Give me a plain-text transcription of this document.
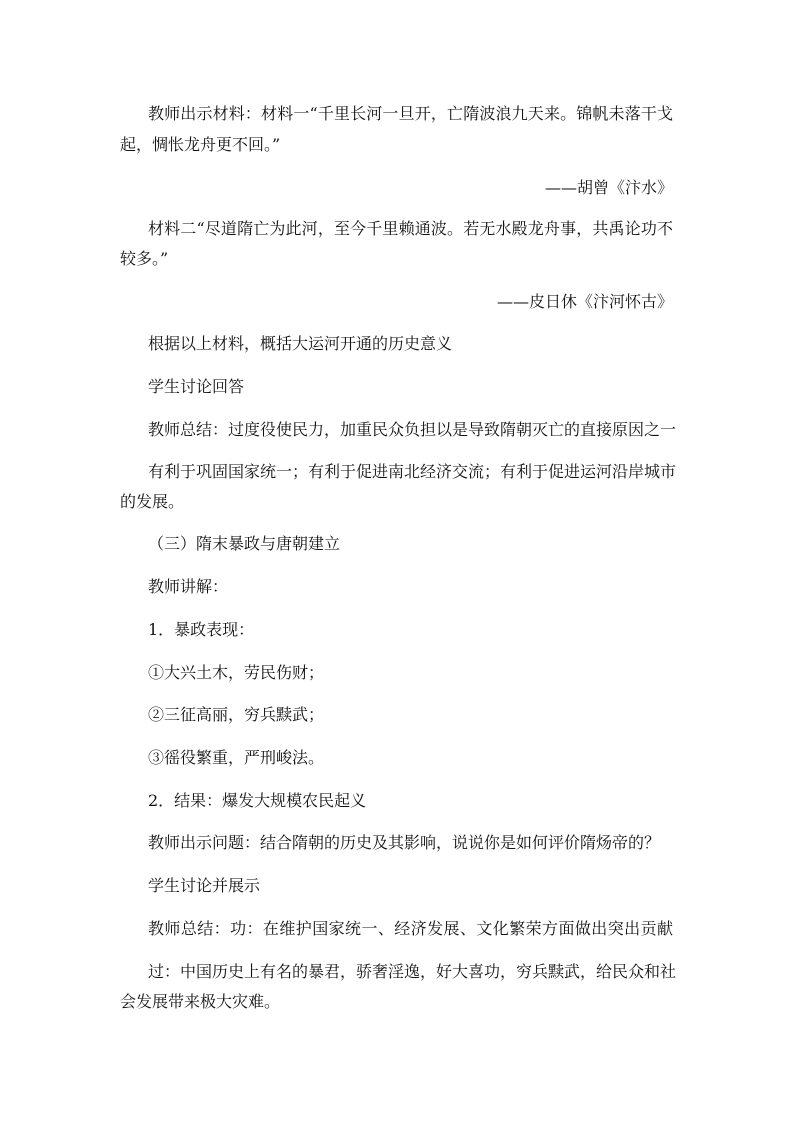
教师出示材料：材料一“千里长河一旦开，亡隋波浪九天来。锦帆未落干戈
起，惆怅龙舟更不回。”
——胡曾《汴水》
材料二“尽道隋亡为此河，至今千里赖通波。若无水殿龙舟事，共禹论功不
较多。”
——皮日休《汴河怀古》
根据以上材料，概括大运河开通的历史意义
学生讨论回答
教师总结：过度役使民力，加重民众负担以是导致隋朝灭亡的直接原因之一
有利于巩固国家统一；有利于促进南北经济交流；有利于促进运河沿岸城市
的发展。
（三）隋末暴政与唐朝建立
教师讲解：
1．暴政表现：
①大兴土木，劳民伤财；
②三征高丽，穷兵黩武；
③徭役繁重，严刑峻法。
2．结果：爆发大规模农民起义
教师出示问题：结合隋朝的历史及其影响，说说你是如何评价隋炀帝的？
学生讨论并展示
教师总结：功：在维护国家统一、经济发展、文化繁荣方面做出突出贡献
过：中国历史上有名的暴君，骄奢淫逸，好大喜功，穷兵黩武，给民众和社
会发展带来极大灾难。
